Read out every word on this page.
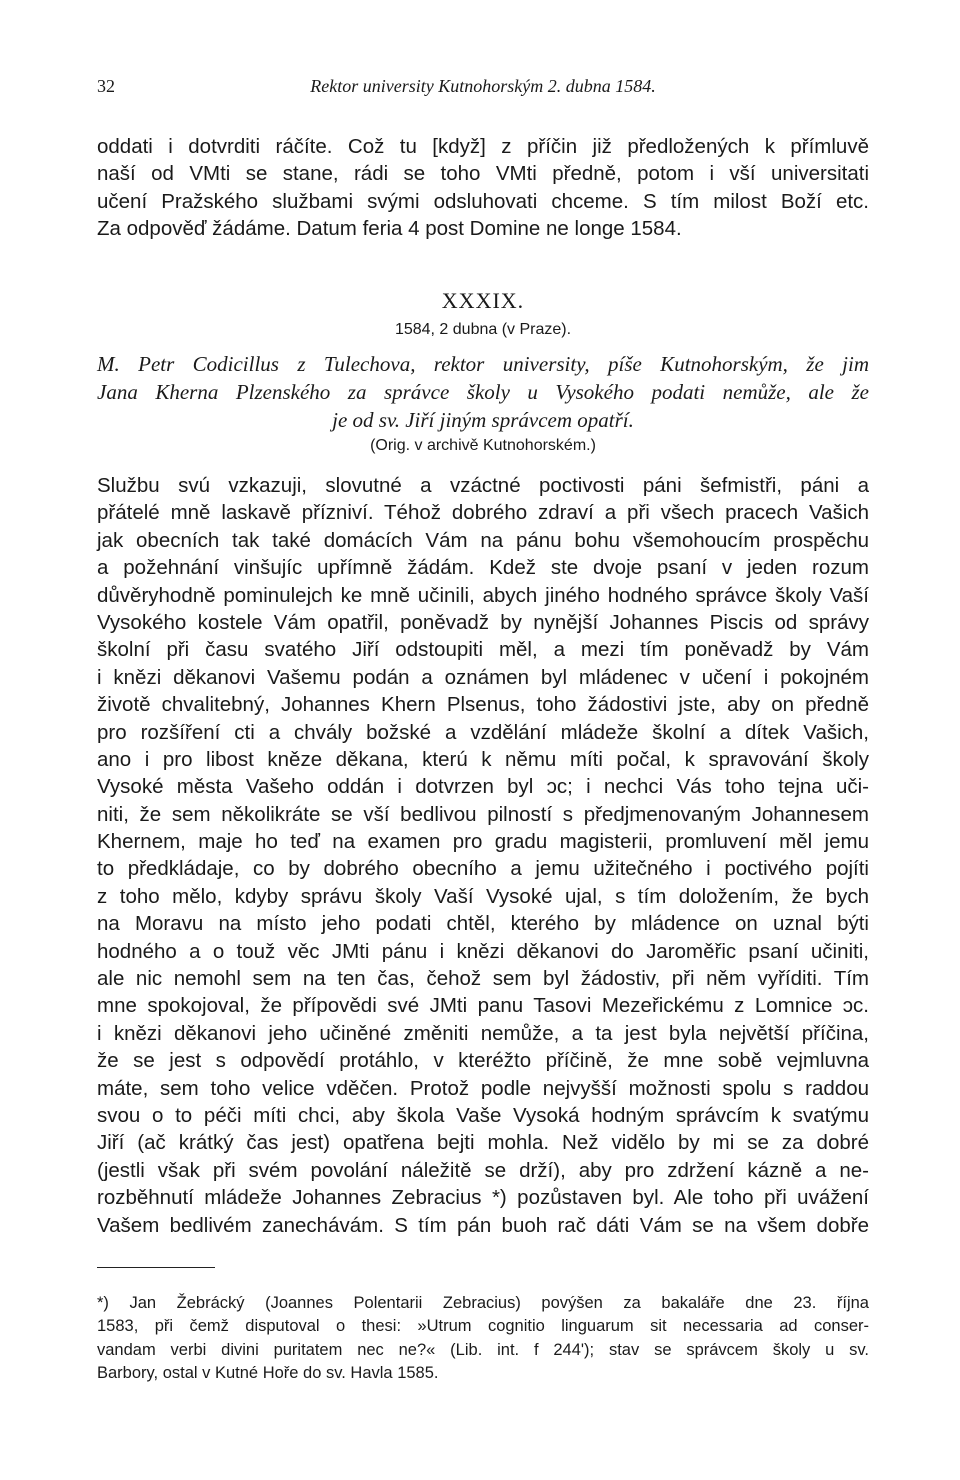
32	Rektor university Kutnohorským 2. dubna 1584.
oddati i dotvrditi ráčíte. Což tu [když] z příčin již předložených k přímluvě
naší od VMti se stane, rádi se toho VMti předně, potom i vší universitati
učení Pražského službami svými odsluhovati chceme. S tím milost Boží etc.
Za odpověď žádáme. Datum feria 4 post Domine ne longe 1584.
XXXIX.
1584, 2 dubna (v Praze).
M. Petr Codicillus z Tulechova, rektor university, píše Kutnohorským, že jim
Jana Kherna Plzenského za správce školy u Vysokého podati nemůže, ale že
je od sv. Jiří jiným správcem opatří.
(Orig. v archivě Kutnohorském.)
Službu svú vzkazuji, slovutné a vzáctné poctivosti páni šefmistři, páni a
přátelé mně laskavě přízniví. Téhož dobrého zdraví a při všech pracech Vašich
jak obecních tak také domácích Vám na pánu bohu všemohoucím prospěchu
a požehnání vinšujíc upřímně žádám. Kdež ste dvoje psaní v jeden rozum
důvěryhodně pominulejch ke mně učinili, abych jiného hodného správce školy Vaší
Vysokého kostele Vám opatřil, poněvadž by nynější Johannes Piscis od správy
školní při času svatého Jiří odstoupiti měl, a mezi tím poněvadž by Vám
i knězi děkanovi Vašemu podán a oznámen byl mládenec v učení i pokojném
životě chvalitebný, Johannes Khern Plsenus, toho žádostivi jste, aby on předně
pro rozšíření cti a chvály božské a vzdělání mládeže školní a dítek Vašich,
ano i pro libost kněze děkana, kterú k němu míti počal, k spravování školy
Vysoké města Vašeho oddán i dotvrzen byl ɔc; i nechci Vás toho tejna uči-
niti, že sem několikráte se vší bedlivou pilností s předjmenovaným Johannesem
Khernem, maje ho teď na examen pro gradu magisterii, promluvení měl jemu
to předkládaje, co by dobrého obecního a jemu užitečného i poctivého pojíti
z toho mělo, kdyby správu školy Vaší Vysoké ujal, s tím doložením, že bych
na Moravu na místo jeho podati chtěl, kterého by mládence on uznal býti
hodného a o touž věc JMti pánu i knězi děkanovi do Jaroměřic psaní učiniti,
ale nic nemohl sem na ten čas, čehož sem byl žádostiv, při něm vyříditi. Tím
mne spokojoval, že přípovědi své JMti panu Tasovi Mezeřickému z Lomnice ɔc.
i knězi děkanovi jeho učiněné změniti nemůže, a ta jest byla největší příčina,
že se jest s odpovědí protáhlo, v kteréžto příčině, že mne sobě vejmluvna
máte, sem toho velice vděčen. Protož podle nejvyšší možnosti spolu s raddou
svou o to péči míti chci, aby škola Vaše Vysoká hodným správcím k svatýmu
Jiří (ač krátký čas jest) opatřena bejti mohla. Než vidělo by mi se za dobré
(jestli však při svém povolání náležitě se drží), aby pro zdržení kázně a ne-
rozběhnutí mládeže Johannes Zebracius *) pozůstaven byl. Ale toho při uvážení
Vašem bedlivém zanechávám. S tím pán buoh rač dáti Vám se na všem dobře
*) Jan Žebrácký (Joannes Polentarii Zebracius) povýšen za bakaláře dne 23. října
1583, při čemž disputoval o thesi: »Utrum cognitio linguarum sit necessaria ad conser-
vandam verbi divini puritatem nec ne?« (Lib. int. f 244'); stav se správcem školy u sv.
Barbory, ostal v Kutné Hoře do sv. Havla 1585.
